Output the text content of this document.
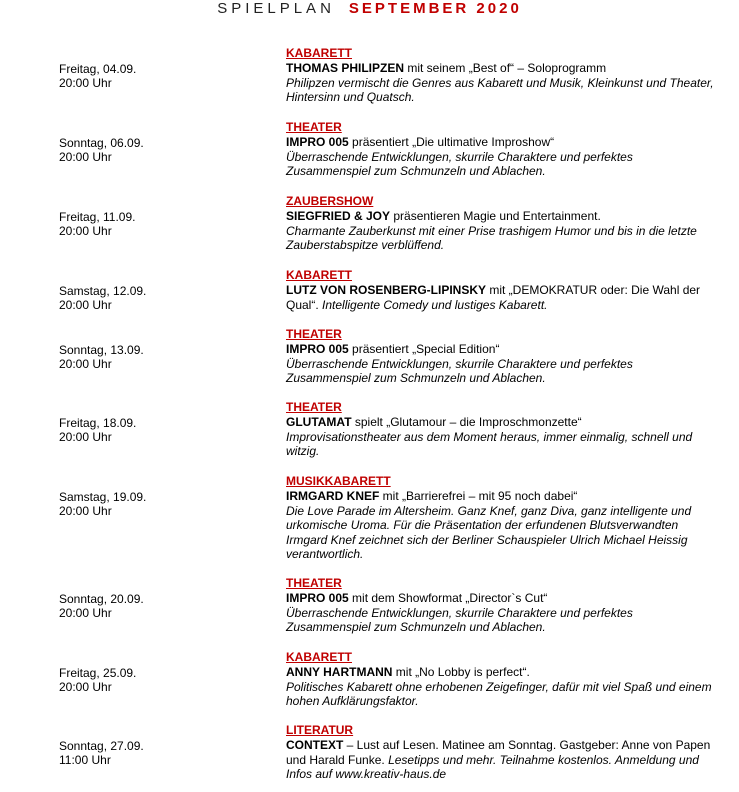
SPIELPLAN SEPTEMBER 2020
Freitag, 04.09.
20:00 Uhr
KABARETT
THOMAS PHILIPZEN mit seinem „Best of“ – Soloprogramm
Philipzen vermischt die Genres aus Kabarett und Musik, Kleinkunst und Theater, Hintersinn und Quatsch.
Sonntag, 06.09.
20:00 Uhr
THEATER
IMPRO 005 präsentiert „Die ultimative Improshow“
Überraschende Entwicklungen, skurrile Charaktere und perfektes Zusammenspiel zum Schmunzeln und Ablachen.
Freitag, 11.09.
20:00 Uhr
ZAUBERSHOW
SIEGFRIED & JOY präsentieren Magie und Entertainment.
Charmante Zauberkunst mit einer Prise trashigem Humor und bis in die letzte Zauberstabspitze verblüffend.
Samstag, 12.09.
20:00 Uhr
KABARETT
LUTZ VON ROSENBERG-LIPINSKY mit „DEMOKRATUR oder: Die Wahl der Qual“. Intelligente Comedy und lustiges Kabarett.
Sonntag, 13.09.
20:00 Uhr
THEATER
IMPRO 005 präsentiert „Special Edition“
Überraschende Entwicklungen, skurrile Charaktere und perfektes Zusammenspiel zum Schmunzeln und Ablachen.
Freitag, 18.09.
20:00 Uhr
THEATER
GLUTAMAT spielt „Glutamour – die Improschmonzette“
Improvisationstheater aus dem Moment heraus, immer einmalig, schnell und witzig.
Samstag, 19.09.
20:00 Uhr
MUSIKKABARETT
IRMGARD KNEF mit „Barrierefrei – mit 95 noch dabei“
Die Love Parade im Altersheim. Ganz Knef, ganz Diva, ganz intelligente und urkomische Uroma. Für die Präsentation der erfundenen Blutsverwandten Irmgard Knef zeichnet sich der Berliner Schauspieler Ulrich Michael Heissig verantwortlich.
Sonntag, 20.09.
20:00 Uhr
THEATER
IMPRO 005 mit dem Showformat „Director`s Cut“
Überraschende Entwicklungen, skurrile Charaktere und perfektes Zusammenspiel zum Schmunzeln und Ablachen.
Freitag, 25.09.
20:00 Uhr
KABARETT
ANNY HARTMANN mit „No Lobby is perfect“.
Politisches Kabarett ohne erhobenen Zeigefinger, dafür mit viel Spaß und einem hohen Aufklärungsfaktor.
Sonntag, 27.09.
11:00 Uhr
LITERATUR
CONTEXT – Lust auf Lesen. Matinee am Sonntag. Gastgeber: Anne von Papen und Harald Funke. Lesetipps und mehr. Teilnahme kostenlos. Anmeldung und Infos auf www.kreativ-haus.de
